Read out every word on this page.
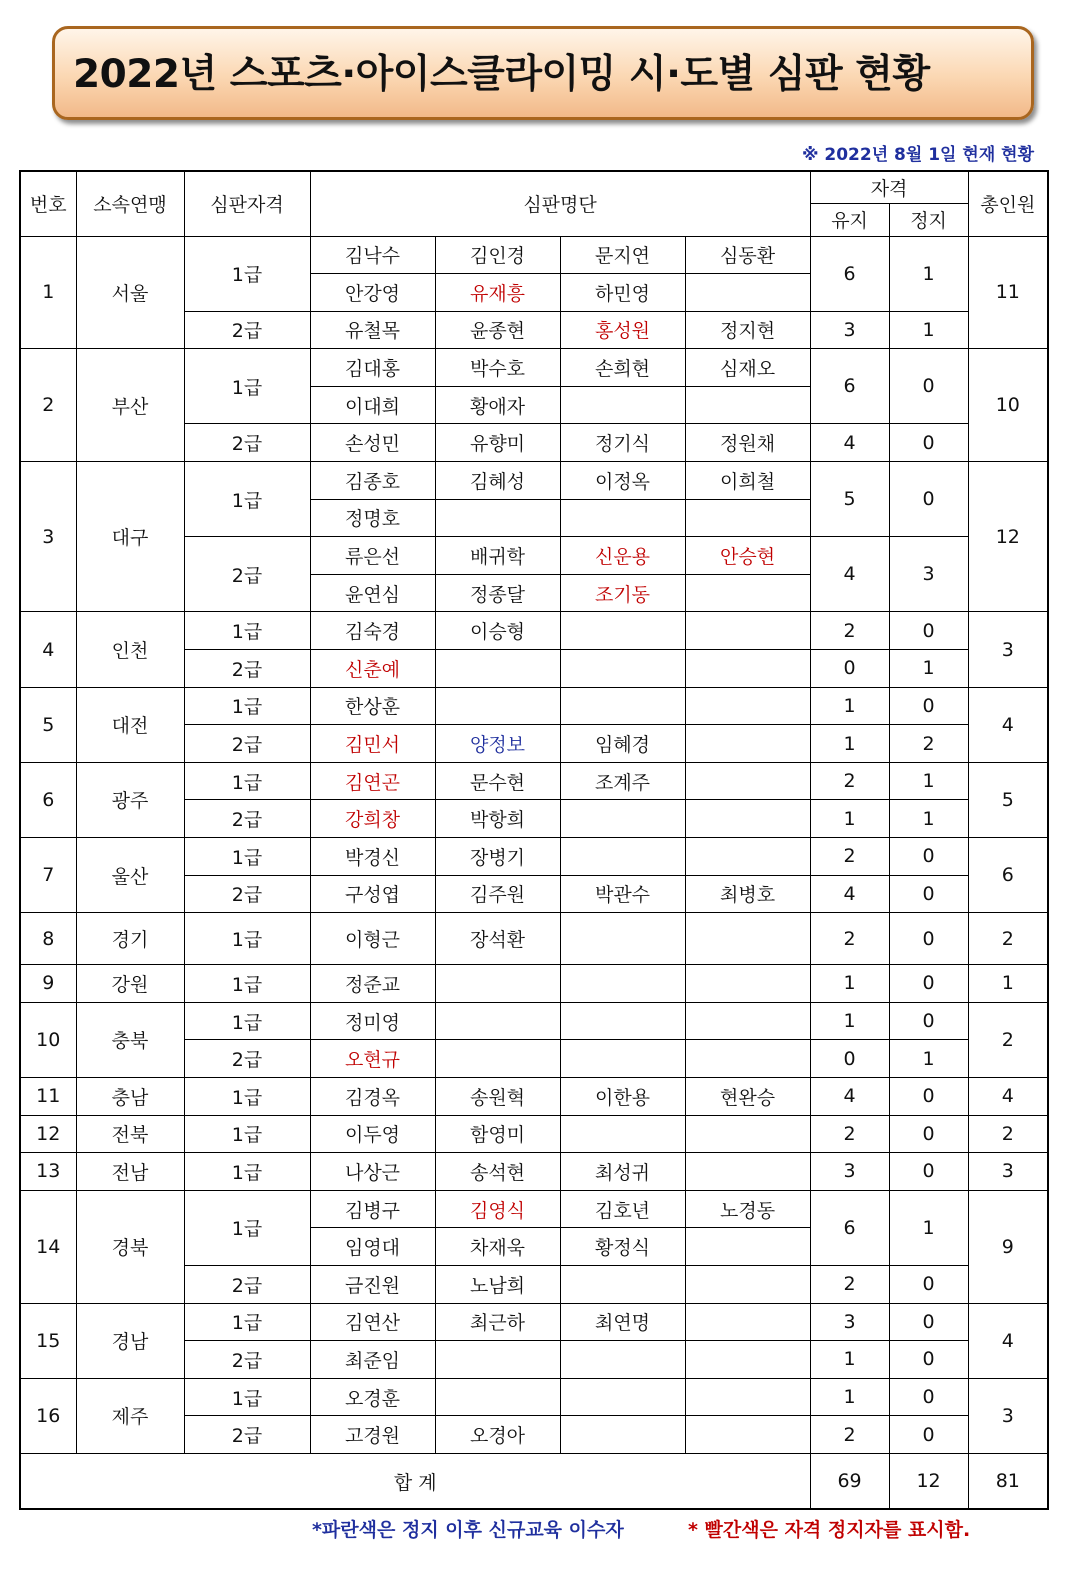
2022년 스포츠·아이스클라이밍 시·도별 심판 현황
※ 2022년 8월 1일 현재 현황
번호	소속연맹	심판자격	심판명단				자격		총인원
							유지	정지	
1	서울	1급	김낙수	김인경	문지연	심동환	6	1	11
			안강영	유재흥	하민영				
		2급	유철목	윤종현	홍성원	정지현	3	1	
2	부산	1급	김대홍	박수호	손희현	심재오	6	0	10
			이대희	황애자					
		2급	손성민	유향미	정기식	정원채	4	0	
3	대구	1급	김종호	김혜성	이정옥	이희철	5	0	12
			정명호						
		2급	류은선	배귀학	신운용	안승현	4	3	
			윤연심	정종달	조기동				
4	인천	1급	김숙경	이승형			2	0	3
		2급	신춘예				0	1	
5	대전	1급	한상훈				1	0	4
		2급	김민서	양정보	임혜경		1	2	
6	광주	1급	김연곤	문수현	조계주		2	1	5
		2급	강희창	박항희			1	1	
7	울산	1급	박경신	장병기			2	0	6
		2급	구성엽	김주원	박관수	최병호	4	0	
8	경기	1급	이형근	장석환			2	0	2
9	강원	1급	정준교				1	0	1
10	충북	1급	정미영				1	0	2
		2급	오현규				0	1	
11	충남	1급	김경옥	송원혁	이한용	현완승	4	0	4
12	전북	1급	이두영	함영미			2	0	2
13	전남	1급	나상근	송석현	최성귀		3	0	3
14	경북	1급	김병구	김영식	김호년	노경동	6	1	9
			임영대	차재욱	황정식				
		2급	금진원	노남희			2	0	
15	경남	1급	김연산	최근하	최연명		3	0	4
		2급	최준임				1	0	
16	제주	1급	오경훈				1	0	3
		2급	고경원	오경아			2	0	
합 계							69	12	81
*파란색은 정지 이후 신규교육 이수자	* 빨간색은 자격 정지자를 표시함.
